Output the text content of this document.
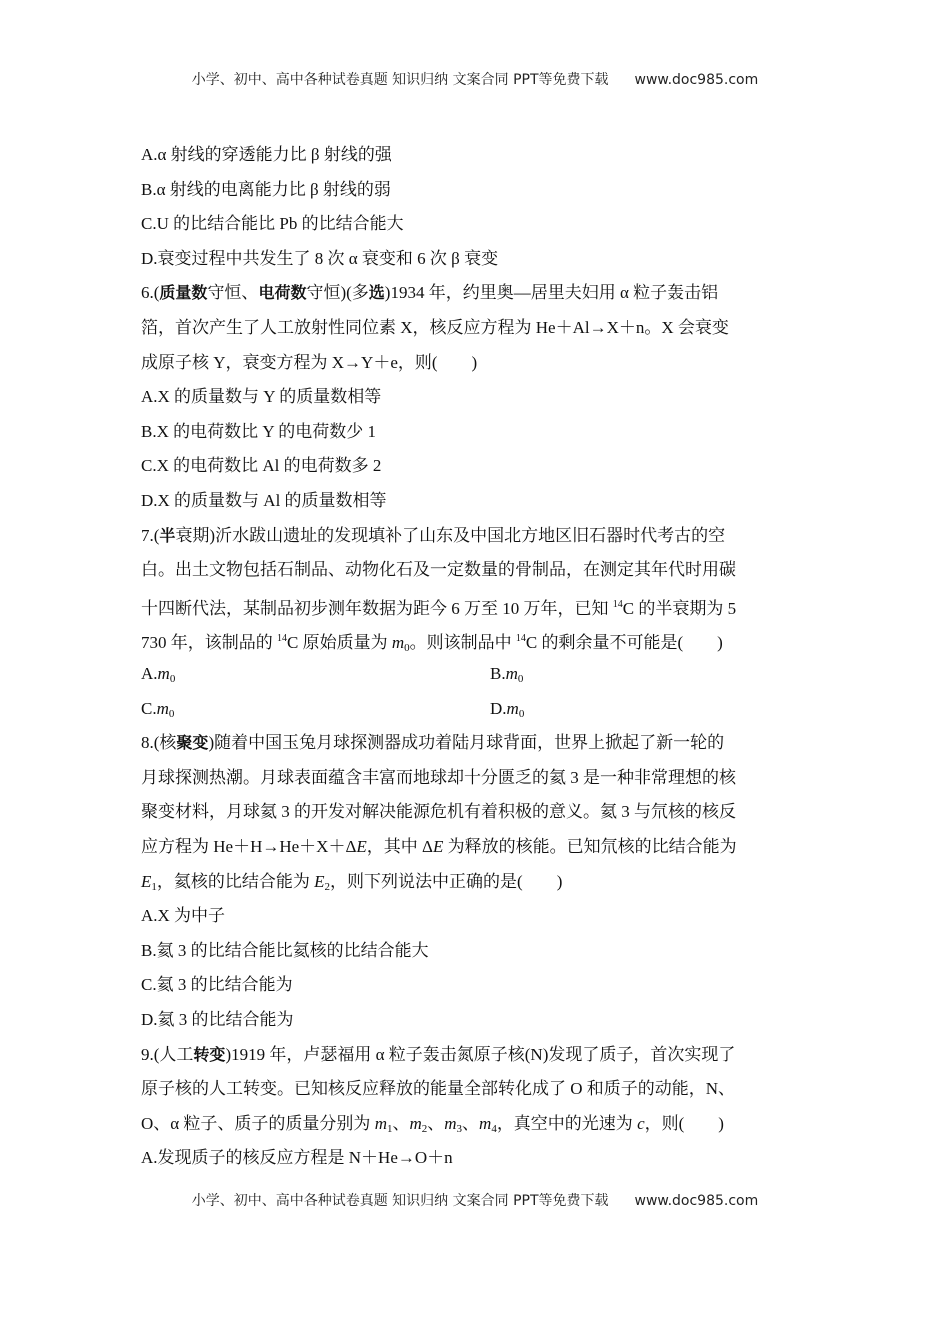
小学、初中、高中各种试卷真题 知识归纳 文案合同 PPT等免费下载 www.doc985.com
A.α 射线的穿透能力比 β 射线的强
B.α 射线的电离能力比 β 射线的弱
C.U 的比结合能比 Pb 的比结合能大
D.衰变过程中共发生了 8 次 α 衰变和 6 次 β 衰变
6.(质量数守恒、电荷数守恒)(多选)1934 年，约里奥—居里夫妇用 α 粒子轰击铝
箔，首次产生了人工放射性同位素 X，核反应方程为 He＋Al→X＋n。X 会衰变
成原子核 Y，衰变方程为 X→Y＋e，则(　　)
A.X 的质量数与 Y 的质量数相等
B.X 的电荷数比 Y 的电荷数少 1
C.X 的电荷数比 Al 的电荷数多 2
D.X 的质量数与 Al 的质量数相等
7.(半衰期)沂水跋山遗址的发现填补了山东及中国北方地区旧石器时代考古的空
白。出土文物包括石制品、动物化石及一定数量的骨制品，在测定其年代时用碳
十四断代法，某制品初步测年数据为距今 6 万至 10 万年，已知 $^{14}$C 的半衰期为 5
730 年，该制品的 $^{14}$C 原始质量为 $m_0$。则该制品中 $^{14}$C 的剩余量不可能是(　　)
$A.m_0$	$B.m_0$
$C.m_0$	$D.m_0$
8.(核聚变)随着中国玉兔月球探测器成功着陆月球背面，世界上掀起了新一轮的
月球探测热潮。月球表面蕴含丰富而地球却十分匮乏的氦 3 是一种非常理想的核
聚变材料，月球氦 3 的开发对解决能源危机有着积极的意义。氦 3 与氘核的核反
应方程为 He＋H→He＋X＋ΔE，其中 ΔE 为释放的核能。已知氘核的比结合能为
$E_1$，氦核的比结合能为 $E_2$，则下列说法中正确的是(　　)
A.X 为中子
B.氦 3 的比结合能比氦核的比结合能大
C.氦 3 的比结合能为
D.氦 3 的比结合能为
9.(人工转变)1919 年，卢瑟福用 α 粒子轰击氮原子核(N)发现了质子，首次实现了
原子核的人工转变。已知核反应释放的能量全部转化成了 O 和质子的动能，N、
O、α 粒子、质子的质量分别为 $m_1$、$m_2$、$m_3$、$m_4$，真空中的光速为 c，则(　　)
A.发现质子的核反应方程是 N＋He→O＋n
小学、初中、高中各种试卷真题 知识归纳 文案合同 PPT等免费下载 www.doc985.com
